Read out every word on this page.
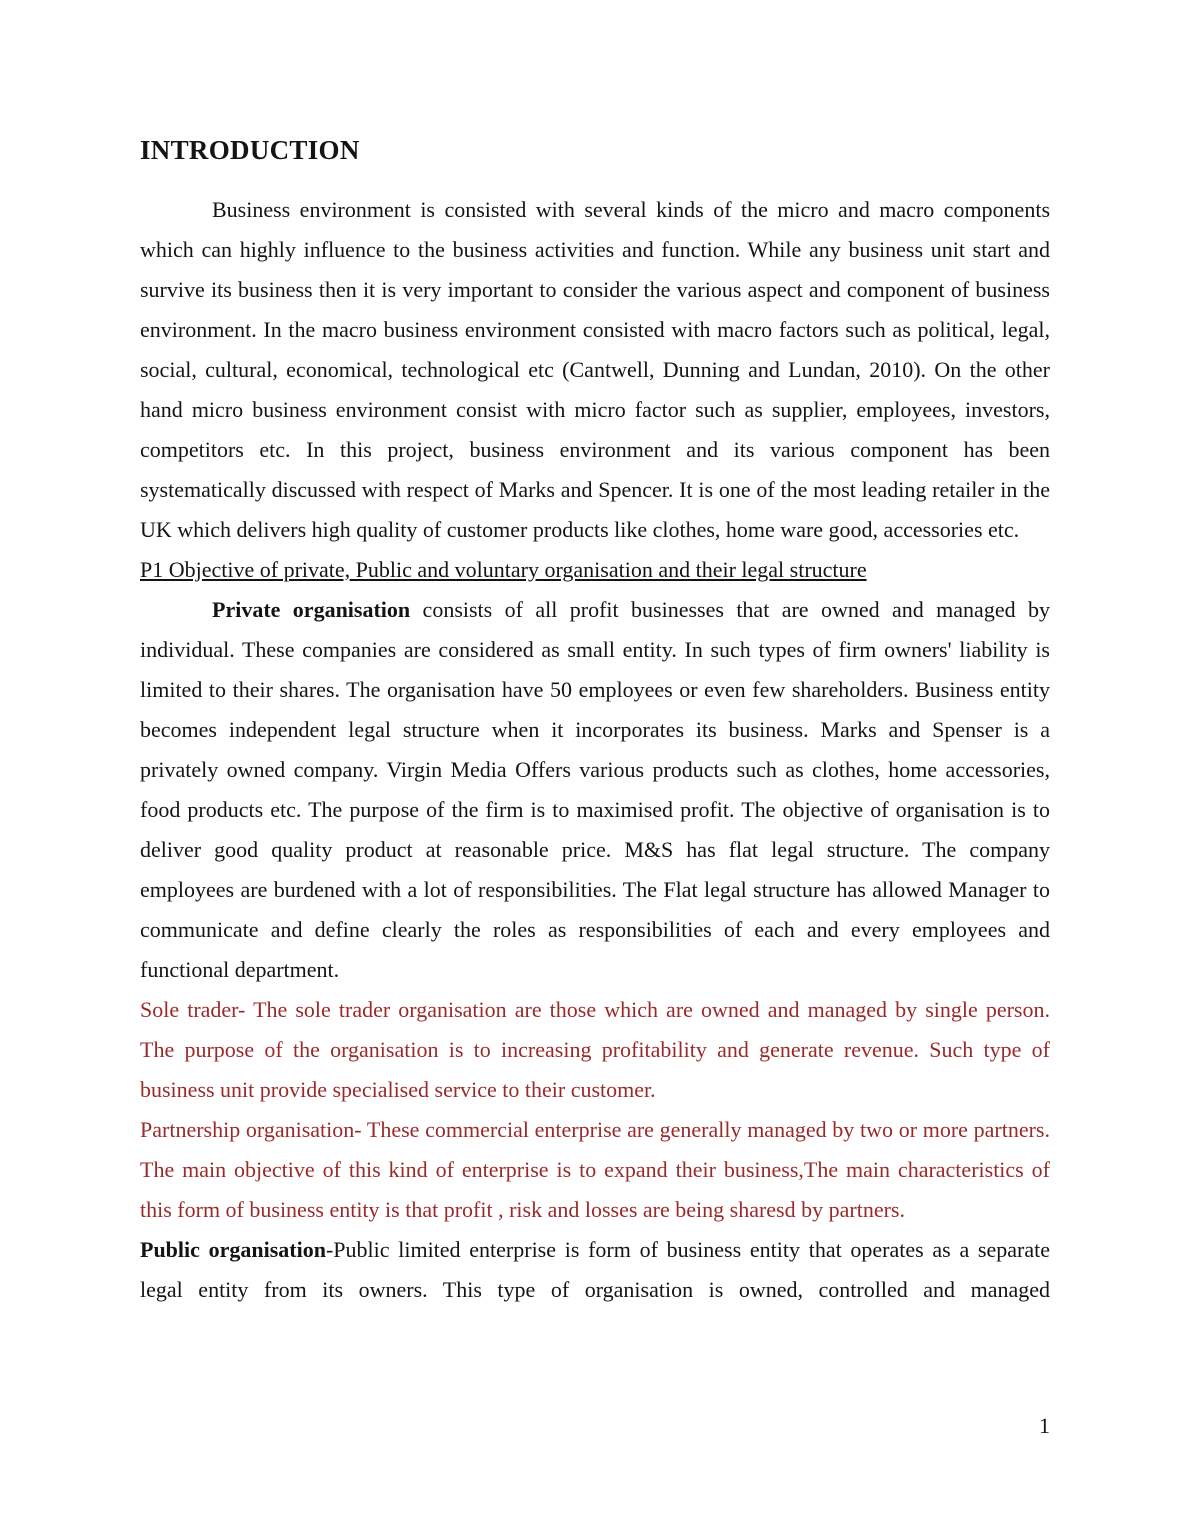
INTRODUCTION

Business environment is consisted with several kinds of the micro and macro components which can highly influence to the business activities and function. While any business unit start and survive its business then it is very important to consider the various aspect and component of business environment. In the macro business environment consisted with macro factors such as political, legal, social, cultural, economical, technological etc (Cantwell, Dunning and Lundan, 2010). On the other hand micro business environment consist with micro factor such as supplier, employees, investors, competitors etc. In this project, business environment and its various component has been systematically discussed with respect of Marks and Spencer. It is one of the most leading retailer in the UK which delivers high quality of customer products like clothes, home ware good, accessories etc.

P1 Objective of private, Public and voluntary organisation and their legal structure

Private organisation consists of all profit businesses that are owned and managed by individual. These companies are considered as small entity. In such types of firm owners' liability is limited to their shares. The organisation have 50 employees or even few shareholders. Business entity becomes independent legal structure when it incorporates its business. Marks and Spenser is a privately owned company. Virgin Media Offers various products such as clothes, home accessories, food products etc. The purpose of the firm is to maximised profit. The objective of organisation is to deliver good quality product at reasonable price. M&S has flat legal structure. The company employees are burdened with a lot of responsibilities. The Flat legal structure has allowed Manager to communicate and define clearly the roles as responsibilities of each and every employees and functional department.

Sole trader- The sole trader organisation are those which are owned and managed by single person. The purpose of the organisation is to increasing profitability and generate revenue. Such type of business unit provide specialised service to their customer.

Partnership organisation- These commercial enterprise are generally managed by two or more partners. The main objective of this kind of enterprise is to expand their business,The main characteristics of this form of business entity is that profit , risk and losses are being sharesd by partners.

Public organisation-Public limited enterprise is form of business entity that operates as a separate legal entity from its owners. This type of organisation is owned, controlled and managed

1
